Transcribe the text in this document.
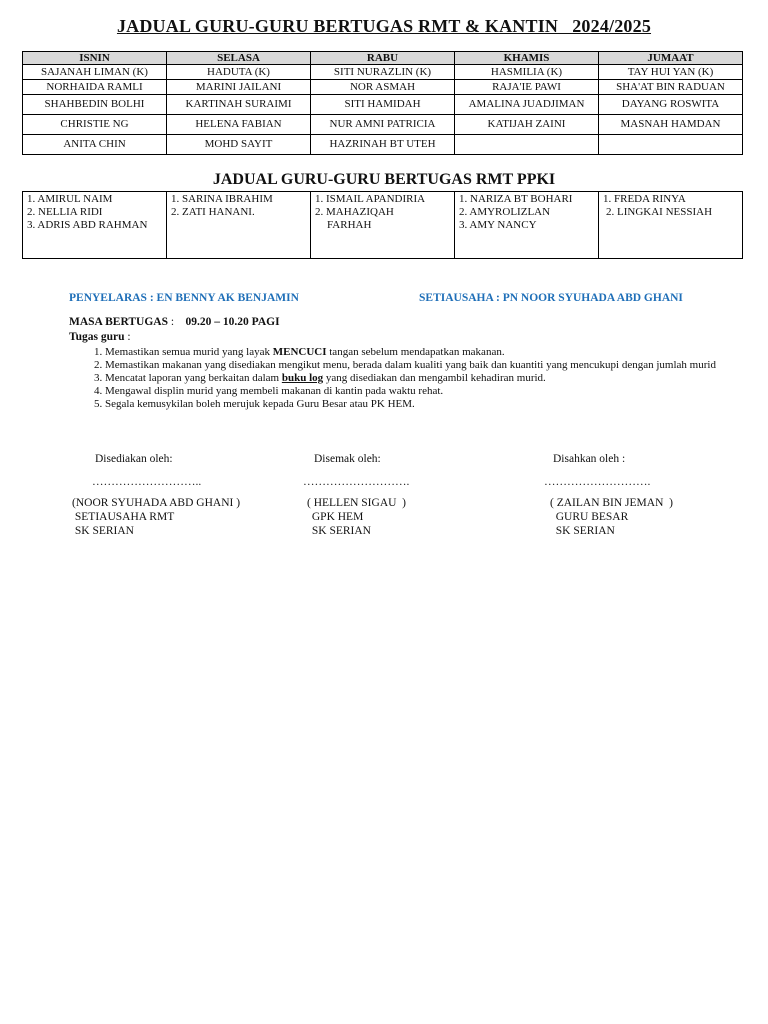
JADUAL GURU-GURU BERTUGAS RMT & KANTIN   2024/2025
ISNIN	SELASA	RABU	KHAMIS	JUMAAT
SAJANAH LIMAN (K)	HADUTA (K)	SITI NURAZLIN (K)	HASMILIA (K)	TAY HUI YAN (K)
NORHAIDA RAMLI	MARINI JAILANI	NOR ASMAH	RAJA'IE PAWI	SHA'AT BIN RADUAN
SHAHBEDIN BOLHI	KARTINAH SURAIMI	SITI HAMIDAH	AMALINA JUADJIMAN	DAYANG ROSWITA
CHRISTIE NG	HELENA FABIAN	NUR AMNI PATRICIA	KATIJAH ZAINI	MASNAH HAMDAN
ANITA CHIN	MOHD SAYIT	HAZRINAH BT UTEH		
JADUAL GURU-GURU BERTUGAS RMT PPKI
1. AMIRUL NAIM
2. NELLIA RIDI
3. ADRIS ABD RAHMAN

1. SARINA IBRAHIM
2. ZATI HANANI.

1. ISMAIL APANDIRIA
2. MAHAZIQAH
FARHAH

1. NARIZA BT BOHARI
2. AMYROLIZLAN
3. AMY NANCY

1. FREDA RINYA
2. LINGKAI NESSIAH
PENYELARAS : EN BENNY AK BENJAMIN	SETIAUSAHA : PN NOOR SYUHADA ABD GHANI
MASA BERTUGAS :    09.20 – 10.20 PAGI
Tugas guru :
1. Memastikan semua murid yang layak MENCUCI tangan sebelum mendapatkan makanan.
2. Memastikan makanan yang disediakan mengikut menu, berada dalam kualiti yang baik dan kuantiti yang mencukupi dengan jumlah murid
3. Mencatat laporan yang berkaitan dalam buku log yang disediakan dan mengambil kehadiran murid.
4. Mengawal displin murid yang membeli makanan di kantin pada waktu rehat.
5. Segala kemusykilan boleh merujuk kepada Guru Besar atau PK HEM.
Disediakan oleh:
………………………..
(NOOR SYUHADA ABD GHANI )
SETIAUSAHA RMT
SK SERIAN
Disemak oleh:
……………………….
( HELLEN SIGAU  )
GPK HEM
SK SERIAN
Disahkan oleh :
……………………….
( ZAILAN BIN JEMAN  )
GURU BESAR
SK SERIAN
